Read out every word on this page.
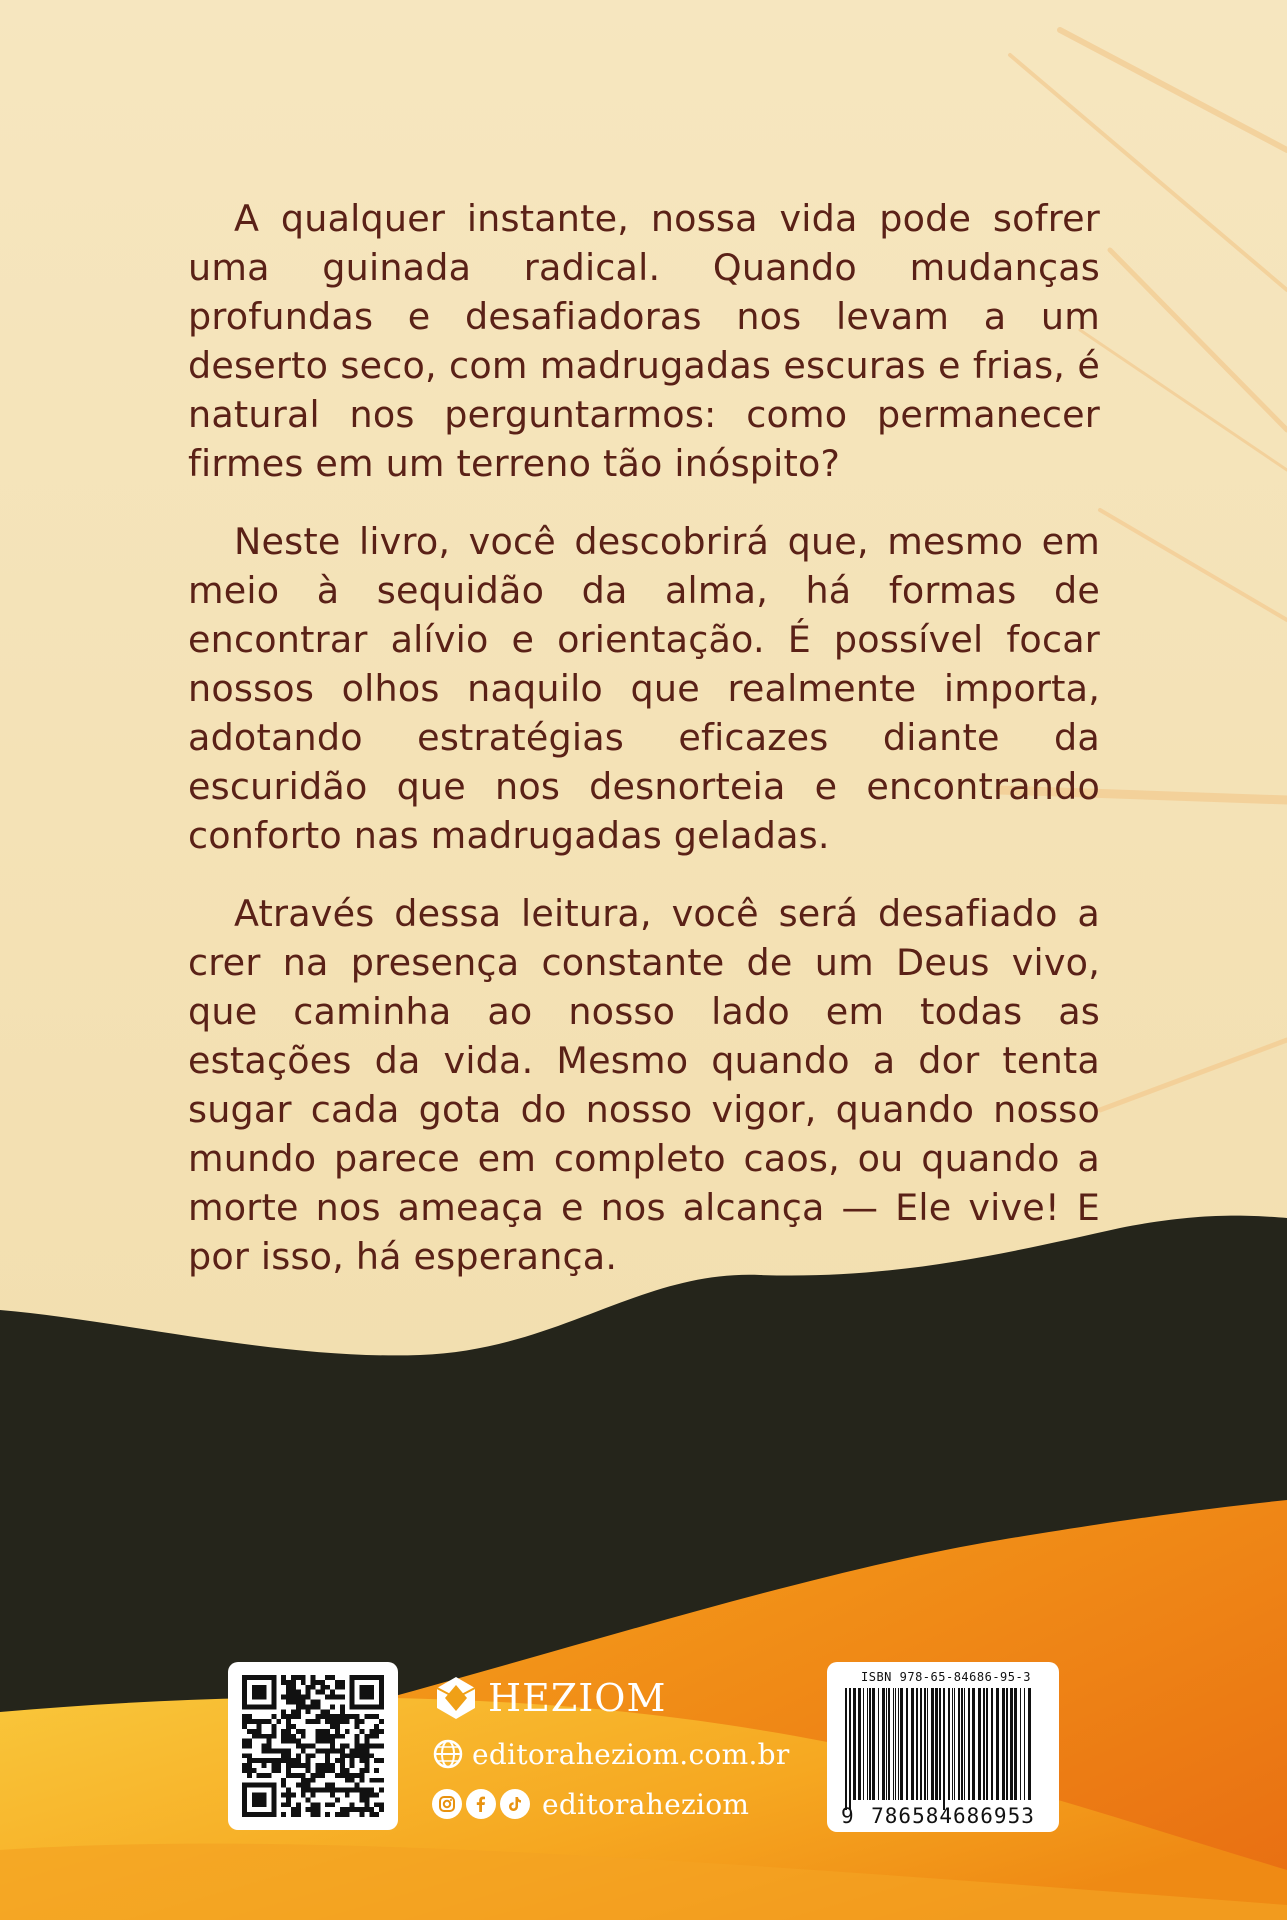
A qualquer instante, nossa vida pode sofrer uma guinada radical. Quando mudanças profundas e desafiadoras nos levam a um deserto seco, com madrugadas escuras e frias, é natural nos perguntarmos: como permanecer firmes em um terreno tão inóspito?

Neste livro, você descobrirá que, mesmo em meio à sequidão da alma, há formas de encontrar alívio e orientação. É possível focar nossos olhos naquilo que realmente importa, adotando estratégias eficazes diante da escuridão que nos desnorteia e encontrando conforto nas madrugadas geladas.

Através dessa leitura, você será desafiado a crer na presença constante de um Deus vivo, que caminha ao nosso lado em todas as estações da vida. Mesmo quando a dor tenta sugar cada gota do nosso vigor, quando nosso mundo parece em completo caos, ou quando a morte nos ameaça e nos alcança — Ele vive! E por isso, há esperança.

HEZIOM
editoraheziom.com.br
editoraheziom
ISBN 978-65-84686-95-3
9 786584686953
